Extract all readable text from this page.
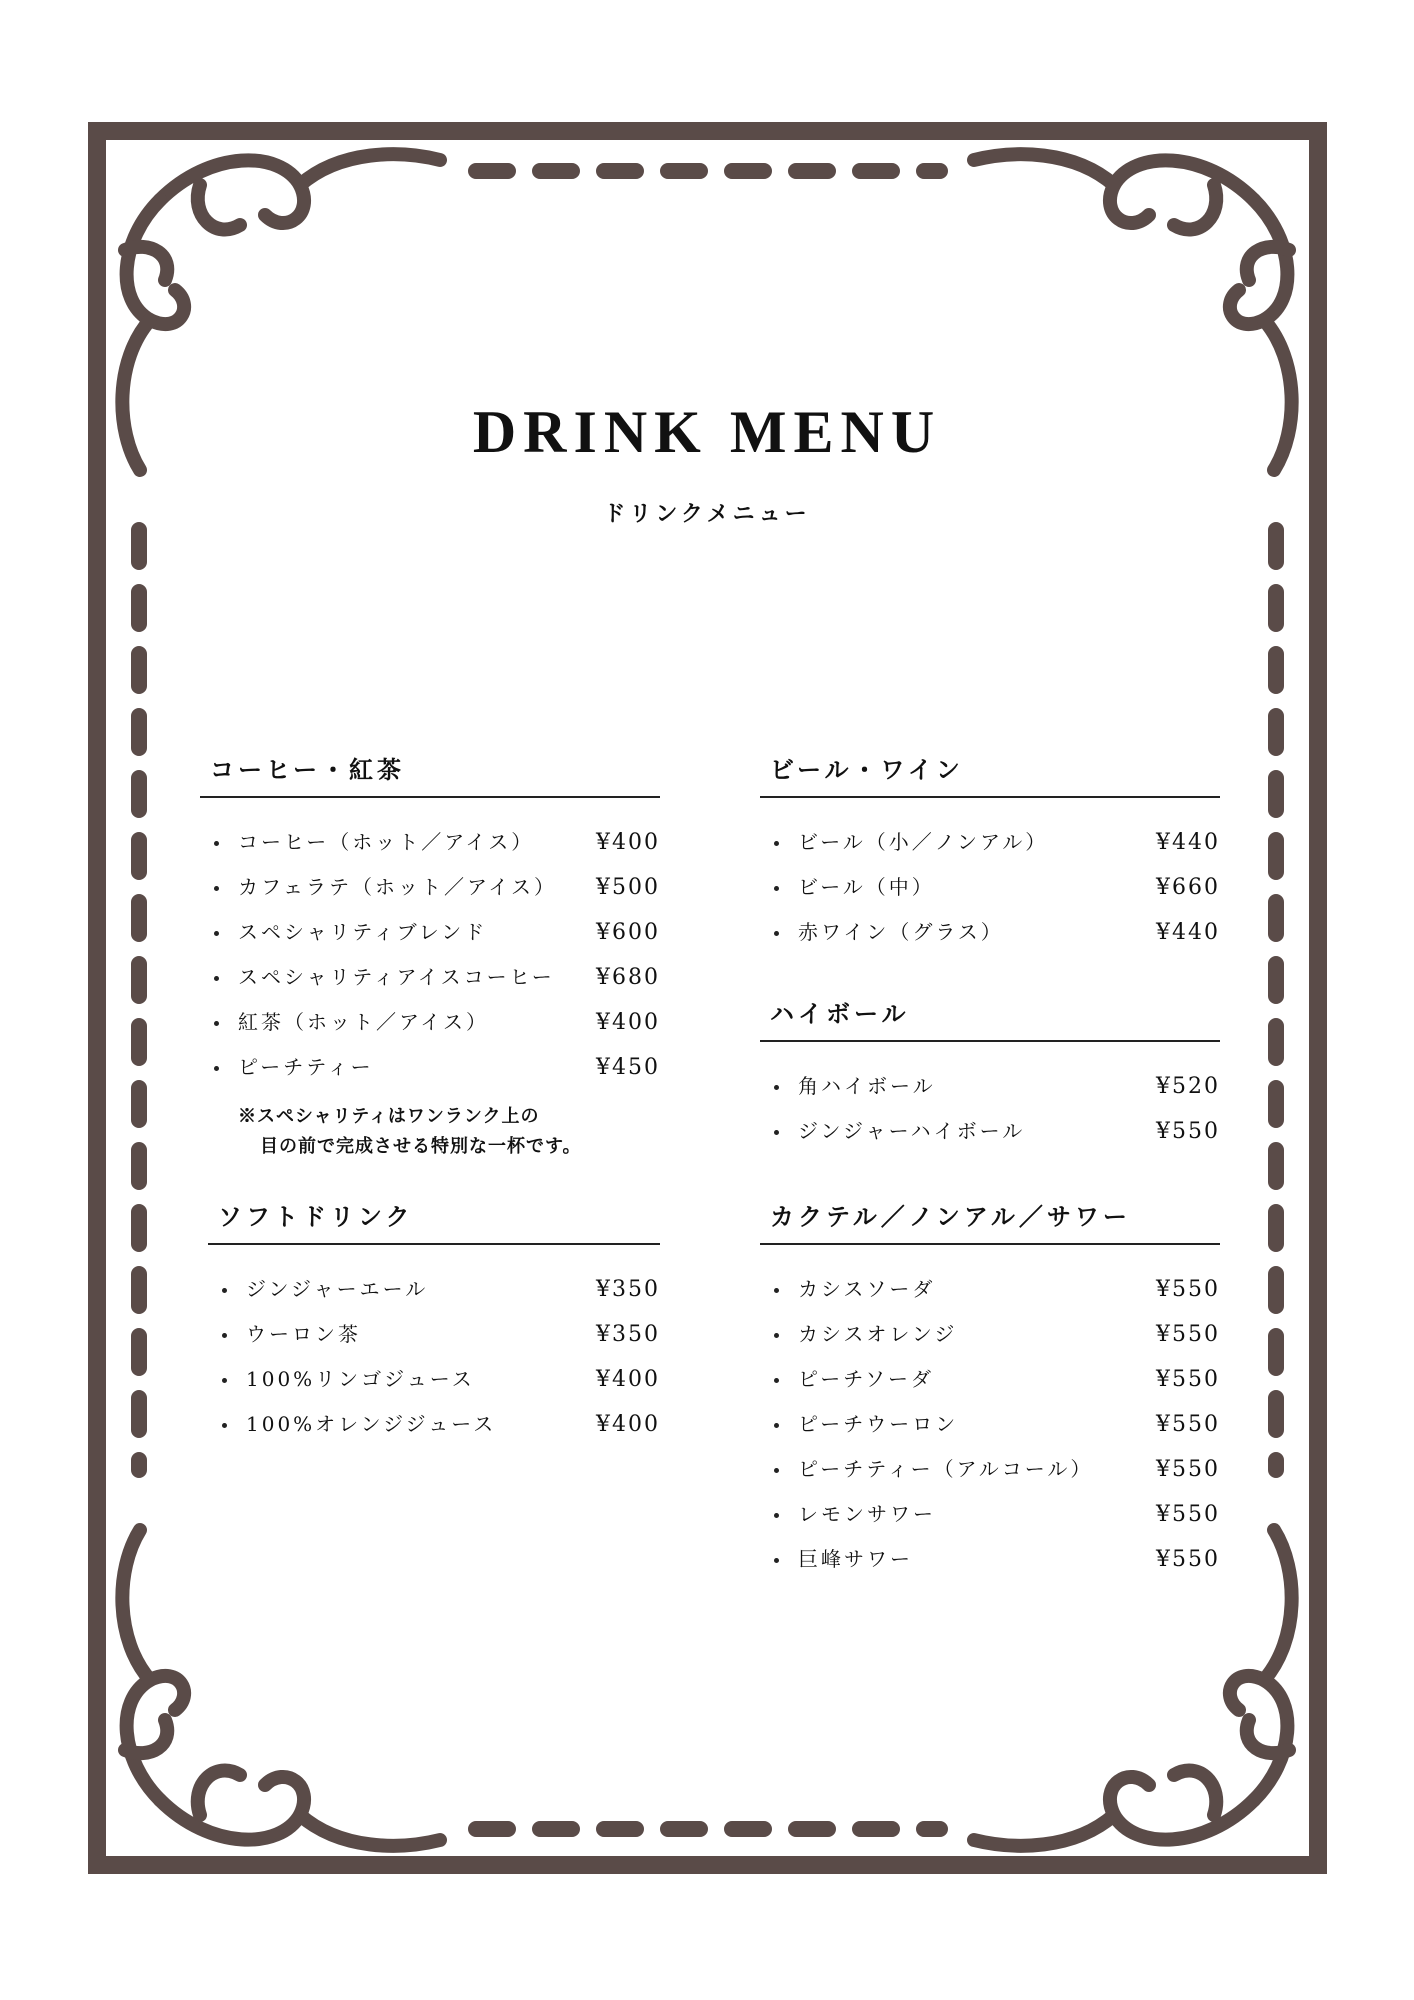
DRINK MENU
ドリンクメニュー
コーヒー・紅茶
コーヒー（ホット／アイス）	¥400
カフェラテ（ホット／アイス） ¥500
スペシャリティブレンド	¥600
スペシャリティアイスコーヒー ¥680
紅茶（ホット／アイス）	¥400
ピーチティー	¥450
※スペシャリティはワンランク上の
目の前で完成させる特別な一杯です。
ソフトドリンク
ジンジャーエール	¥350
ウーロン茶	¥350
100%リンゴジュース	¥400
100%オレンジジュース	¥400
ビール・ワイン
ビール（小／ノンアル）	¥440
ビール（中）	¥660
赤ワイン（グラス）	¥440
ハイボール
角ハイボール	¥520
ジンジャーハイボール	¥550
カクテル／ノンアル／サワー
カシスソーダ	¥550
カシスオレンジ	¥550
ピーチソーダ	¥550
ピーチウーロン	¥550
ピーチティー（アルコール）	¥550
レモンサワー	¥550
巨峰サワー	¥550
